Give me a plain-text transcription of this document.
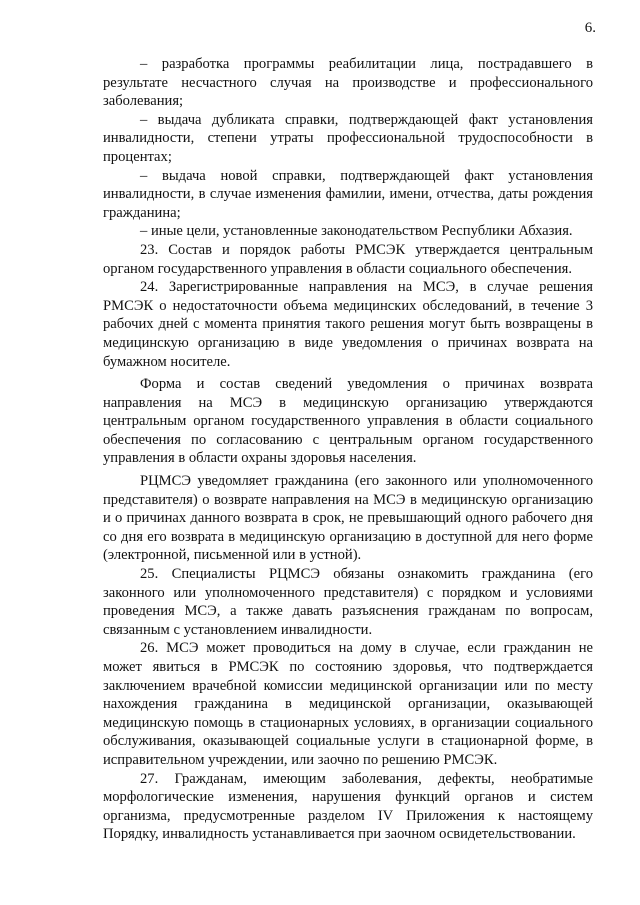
6.

– разработка программы реабилитации лица, пострадавшего в результате несчастного случая на производстве и профессионального заболевания;

– выдача дубликата справки, подтверждающей факт установления инвалидности, степени утраты профессиональной трудоспособности в процентах;

– выдача новой справки, подтверждающей факт установления инвалидности, в случае изменения фамилии, имени, отчества, даты рождения гражданина;

– иные цели, установленные законодательством Республики Абхазия.

23. Состав и порядок работы РМСЭК утверждается центральным органом государственного управления в области социального обеспечения.

24. Зарегистрированные направления на МСЭ, в случае решения РМСЭК о недостаточности объема медицинских обследований, в течение 3 рабочих дней с момента принятия такого решения могут быть возвращены в медицинскую организацию в виде уведомления о причинах возврата на бумажном носителе.

Форма и состав сведений уведомления о причинах возврата направления на МСЭ в медицинскую организацию утверждаются центральным органом государственного управления в области социального обеспечения по согласованию с центральным органом государственного управления в области охраны здоровья населения.

РЦМСЭ уведомляет гражданина (его законного или уполномоченного представителя) о возврате направления на МСЭ в медицинскую организацию и о причинах данного возврата в срок, не превышающий одного рабочего дня со дня его возврата в медицинскую организацию в доступной для него форме (электронной, письменной или в устной).

25. Специалисты РЦМСЭ обязаны ознакомить гражданина (его законного или уполномоченного представителя) с порядком и условиями проведения МСЭ, а также давать разъяснения гражданам по вопросам, связанным с установлением инвалидности.

26. МСЭ может проводиться на дому в случае, если гражданин не может явиться в РМСЭК по состоянию здоровья, что подтверждается заключением врачебной комиссии медицинской организации или по месту нахождения гражданина в медицинской организации, оказывающей медицинскую помощь в стационарных условиях, в организации социального обслуживания, оказывающей социальные услуги в стационарной форме, в исправительном учреждении, или заочно по решению РМСЭК.

27. Гражданам, имеющим заболевания, дефекты, необратимые морфологические изменения, нарушения функций органов и систем организма, предусмотренные разделом IV Приложения к настоящему Порядку, инвалидность устанавливается при заочном освидетельствовании.
